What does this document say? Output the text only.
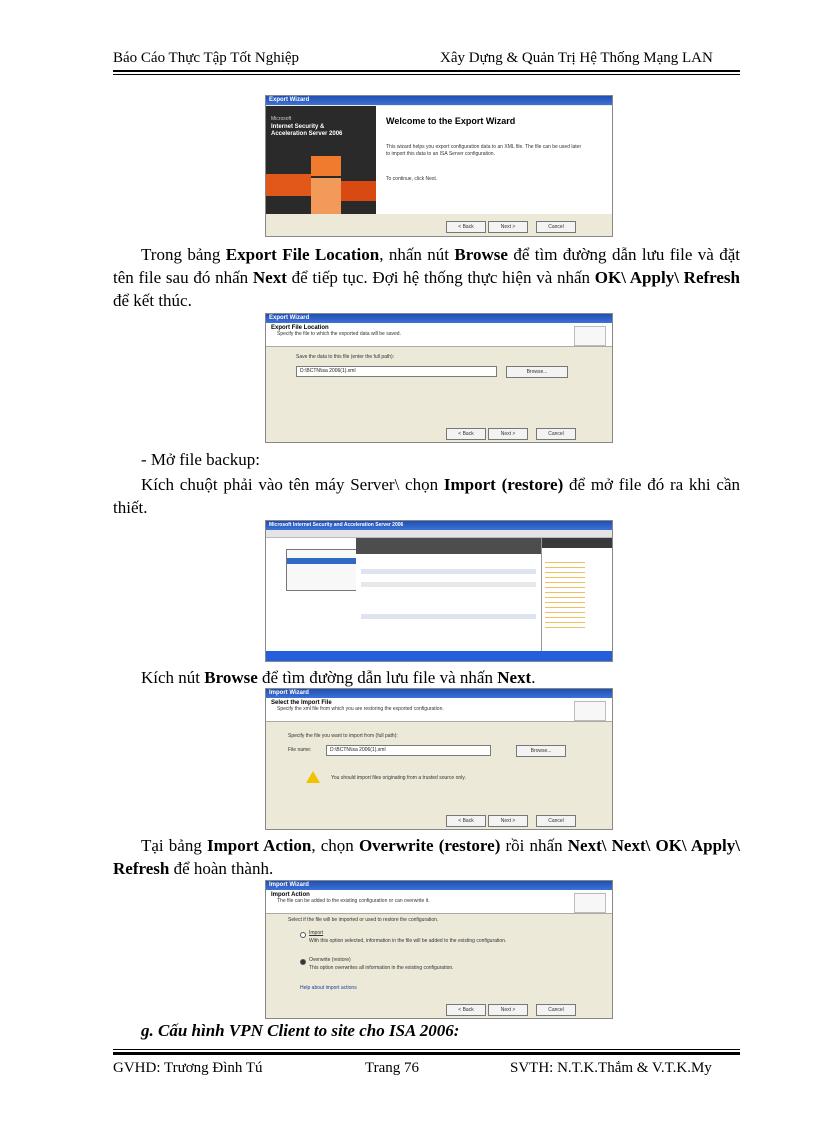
Báo Cáo Thực Tập Tốt Nghiệp	Xây Dựng & Quản Trị Hệ Thống Mạng LAN
Export Wizard
Microsoft
Internet Security &
Acceleration Server 2006
Welcome to the Export Wizard
This wizard helps you export configuration data to an XML file. The file can be used later to import this data to an ISA Server configuration.
To continue, click Next.
< Back	Next >	Cancel
Trong bảng Export File Location, nhấn nút Browse để tìm đường dẫn lưu file và đặt tên file sau đó nhấn Next để tiếp tục. Đợi hệ thống thực hiện và nhấn OK\ Apply\ Refresh để kết thúc.
Export Wizard
Export File Location
Specify the file to which the exported data will be saved.
Save the data to this file (enter the full path):
D:\BCTN\isa 2006(1).xml	Browse...
< Back	Next >	Cancel
- Mở file backup:
Kích chuột phải vào tên máy Server\ chọn Import (restore) để mở file đó ra khi cần thiết.
Microsoft Internet Security and Acceleration Server 2006
Kích nút Browse để tìm đường dẫn lưu file và nhấn Next.
Import Wizard
Select the Import File
Specify the xml file from which you are restoring the exported configuration.
Specify the file you want to import from (full path):
File name:	D:\BCTN\isa 2006(1).xml	Browse...
You should import files originating from a trusted source only.
< Back	Next >	Cancel
Tại bảng Import Action, chọn Overwrite (restore) rồi nhấn Next\ Next\ OK\ Apply\ Refresh để hoàn thành.
Import Wizard
Import Action
The file can be added to the existing configuration or can overwrite it.
Select if the file will be imported or used to restore the configuration.
Import
With this option selected, information in the file will be added to the existing configuration.
Overwrite (restore)
This option overwrites all information in the existing configuration.
Help about import actions
< Back	Next >	Cancel
g. Cấu hình VPN Client to site cho ISA 2006:
GVHD: Trương Đình Tú	Trang 76	SVTH: N.T.K.Thắm & V.T.K.My
